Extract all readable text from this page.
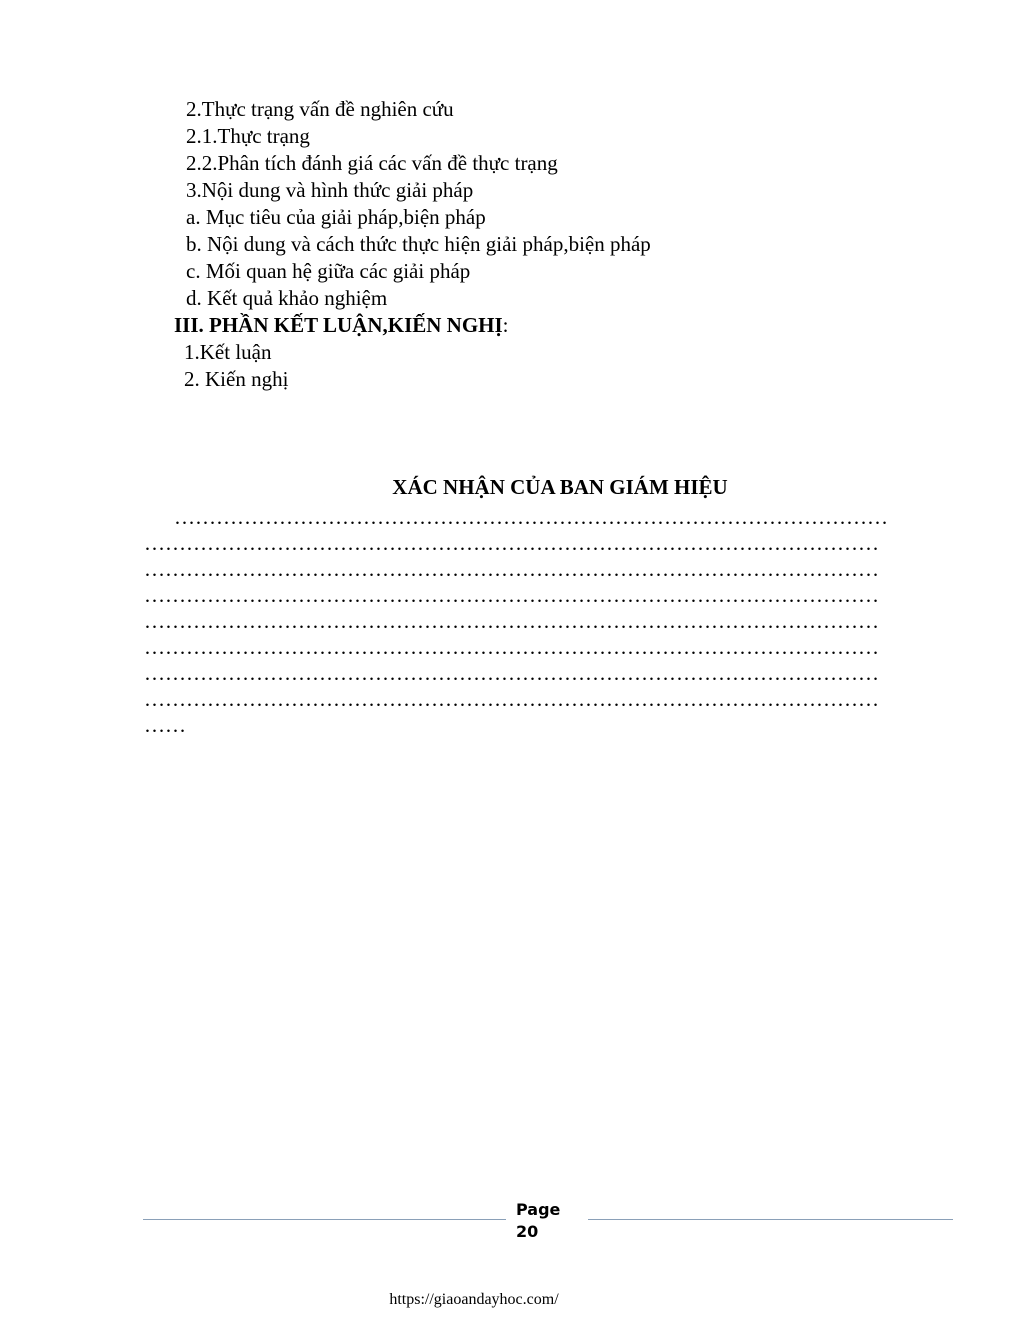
2.Thực trạng vấn đề nghiên cứu
2.1.Thực trạng
2.2.Phân tích đánh giá các vấn đề thực trạng
3.Nội dung và hình thức giải pháp
a. Mục tiêu của giải pháp,biện pháp
b. Nội dung và cách thức thực hiện giải pháp,biện pháp
c. Mối quan hệ giữa các giải pháp
d. Kết quả khảo nghiệm
III. PHẦN KẾT LUẬN,KIẾN NGHỊ:
1.Kết luận
2. Kiến nghị
XÁC NHẬN CỦA BAN GIÁM HIỆU
…………………………………………………………………………………………
……………………………………………………………………………………………
……………………………………………………………………………………………
……………………………………………………………………………………………
……………………………………………………………………………………………
……………………………………………………………………………………………
……………………………………………………………………………………………
……………………………………………………………………………………………
……
Page
20
https://giaoandayhoc.com/
